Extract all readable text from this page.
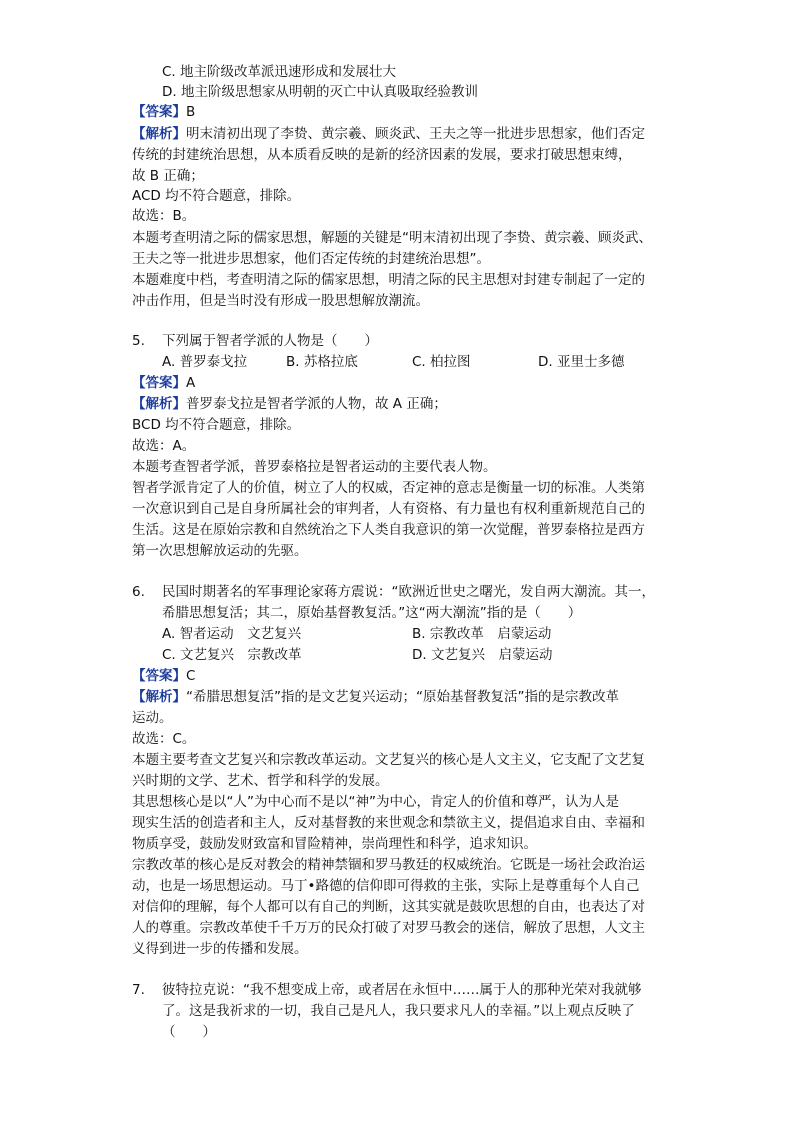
C. 地主阶级改革派迅速形成和发展壮大
D. 地主阶级思想家从明朝的灭亡中认真吸取经验教训
【答案】B
【解析】明末清初出现了李贽、黄宗羲、顾炎武、王夫之等一批进步思想家，他们否定
传统的封建统治思想，从本质看反映的是新的经济因素的发展，要求打破思想束缚，
故 B 正确；
ACD 均不符合题意，排除。
故选：B。
本题考查明清之际的儒家思想，解题的关键是“明末清初出现了李贽、黄宗羲、顾炎武、
王夫之等一批进步思想家，他们否定传统的封建统治思想”。
本题难度中档，考查明清之际的儒家思想，明清之际的民主思想对封建专制起了一定的
冲击作用，但是当时没有形成一股思想解放潮流。
5. 下列属于智者学派的人物是（　　）
A. 普罗泰戈拉	B. 苏格拉底	C. 柏拉图	D. 亚里士多德
【答案】A
【解析】普罗泰戈拉是智者学派的人物，故 A 正确；
BCD 均不符合题意，排除。
故选：A。
本题考查智者学派，普罗泰格拉是智者运动的主要代表人物。
智者学派肯定了人的价值，树立了人的权威，否定神的意志是衡量一切的标准。人类第
一次意识到自己是自身所属社会的审判者，人有资格、有力量也有权利重新规范自己的
生活。这是在原始宗教和自然统治之下人类自我意识的第一次觉醒，普罗泰格拉是西方
第一次思想解放运动的先驱。
6. 民国时期著名的军事理论家蒋方震说：“欧洲近世史之曙光，发自两大潮流。其一，
希腊思想复活；其二，原始基督教复活。”这“两大潮流”指的是（　　）
A. 智者运动　文艺复兴	B. 宗教改革　启蒙运动
C. 文艺复兴　宗教改革	D. 文艺复兴　启蒙运动
【答案】C
【解析】“希腊思想复活”指的是文艺复兴运动；“原始基督教复活”指的是宗教改革
运动。
故选：C。
本题主要考查文艺复兴和宗教改革运动。文艺复兴的核心是人文主义，它支配了文艺复
兴时期的文学、艺术、哲学和科学的发展。
其思想核心是以“人”为中心而不是以“神”为中心，肯定人的价值和尊严，认为人是
现实生活的创造者和主人，反对基督教的来世观念和禁欲主义，提倡追求自由、幸福和
物质享受，鼓励发财致富和冒险精神，崇尚理性和科学，追求知识。
宗教改革的核心是反对教会的精神禁锢和罗马教廷的权威统治。它既是一场社会政治运
动，也是一场思想运动。马丁•路德的信仰即可得救的主张，实际上是尊重每个人自己
对信仰的理解，每个人都可以有自己的判断，这其实就是鼓吹思想的自由，也表达了对
人的尊重。宗教改革使千千万万的民众打破了对罗马教会的迷信，解放了思想，人文主
义得到进一步的传播和发展。
7. 彼特拉克说：“我不想变成上帝，或者居在永恒中……属于人的那种光荣对我就够
了。这是我祈求的一切，我自己是凡人，我只要求凡人的幸福。”以上观点反映了
（　　）
